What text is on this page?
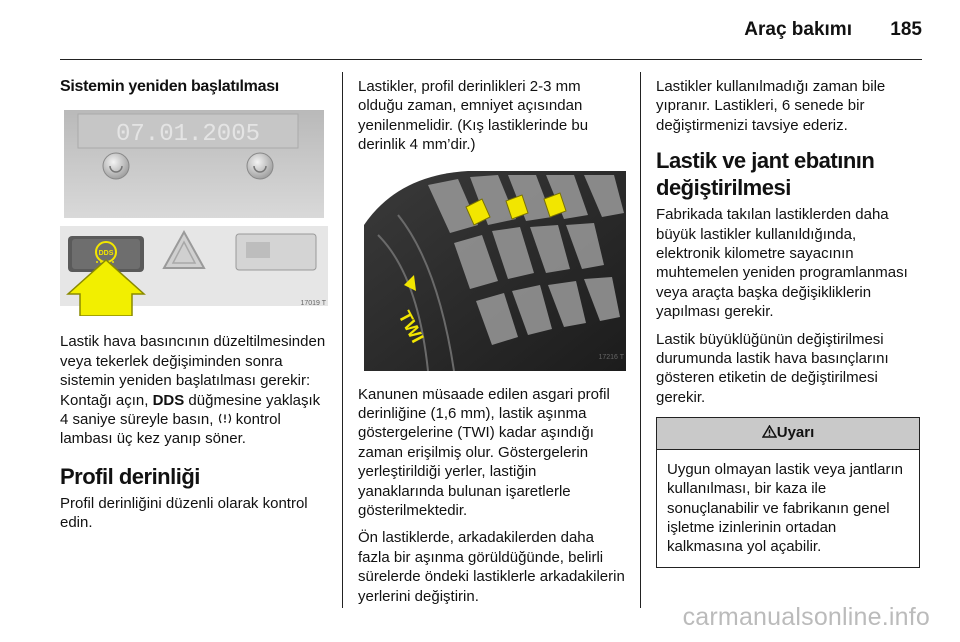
Araç bakımı 185
Sistemin yeniden başlatılması
07.01.2005
DDS
17019 T

Lastik hava basıncının düzeltilmesinden veya tekerlek değişiminden sonra sistemin yeniden başlatılması gerekir: Kontağı açın, DDS düğmesine yaklaşık 4 saniye süreyle basın, kontrol lambası üç kez yanıp söner.

Profil derinliği

Profil derinliğini düzenli olarak kontrol edin.

Lastikler, profil derinlikleri 2-3 mm olduğu zaman, emniyet açısından yenilenmelidir. (Kış lastiklerinde bu derinlik 4 mm’dir.)

TWI
17216 T

Kanunen müsaade edilen asgari profil derinliğine (1,6 mm), lastik aşınma göstergelerine (TWI) kadar aşındığı zaman erişilmiş olur. Göstergelerin yerleştirildiği yerler, lastiğin yanaklarında bulunan işaretlerle gösterilmektedir.

Ön lastiklerde, arkadakilerden daha fazla bir aşınma görüldüğünde, belirli sürelerde öndeki lastiklerle arkadakilerin yerlerini değiştirin.

Lastikler kullanılmadığı zaman bile yıpranır. Lastikleri, 6 senede bir değiştirmenizi tavsiye ederiz.

Lastik ve jant ebatının değiştirilmesi

Fabrikada takılan lastiklerden daha büyük lastikler kullanıldığında, elektronik kilometre sayacının muhtemelen yeniden programlanması veya araçta başka değişikliklerin yapılması gerekir.

Lastik büyüklüğünün değiştirilmesi durumunda lastik hava basınçlarını gösteren etiketin de değiştirilmesi gerekir.

Uyarı
Uygun olmayan lastik veya jantların kullanılması, bir kaza ile sonuçlanabilir ve fabrikanın genel işletme izinlerinin ortadan kalkmasına yol açabilir.
carmanualsonline.info
